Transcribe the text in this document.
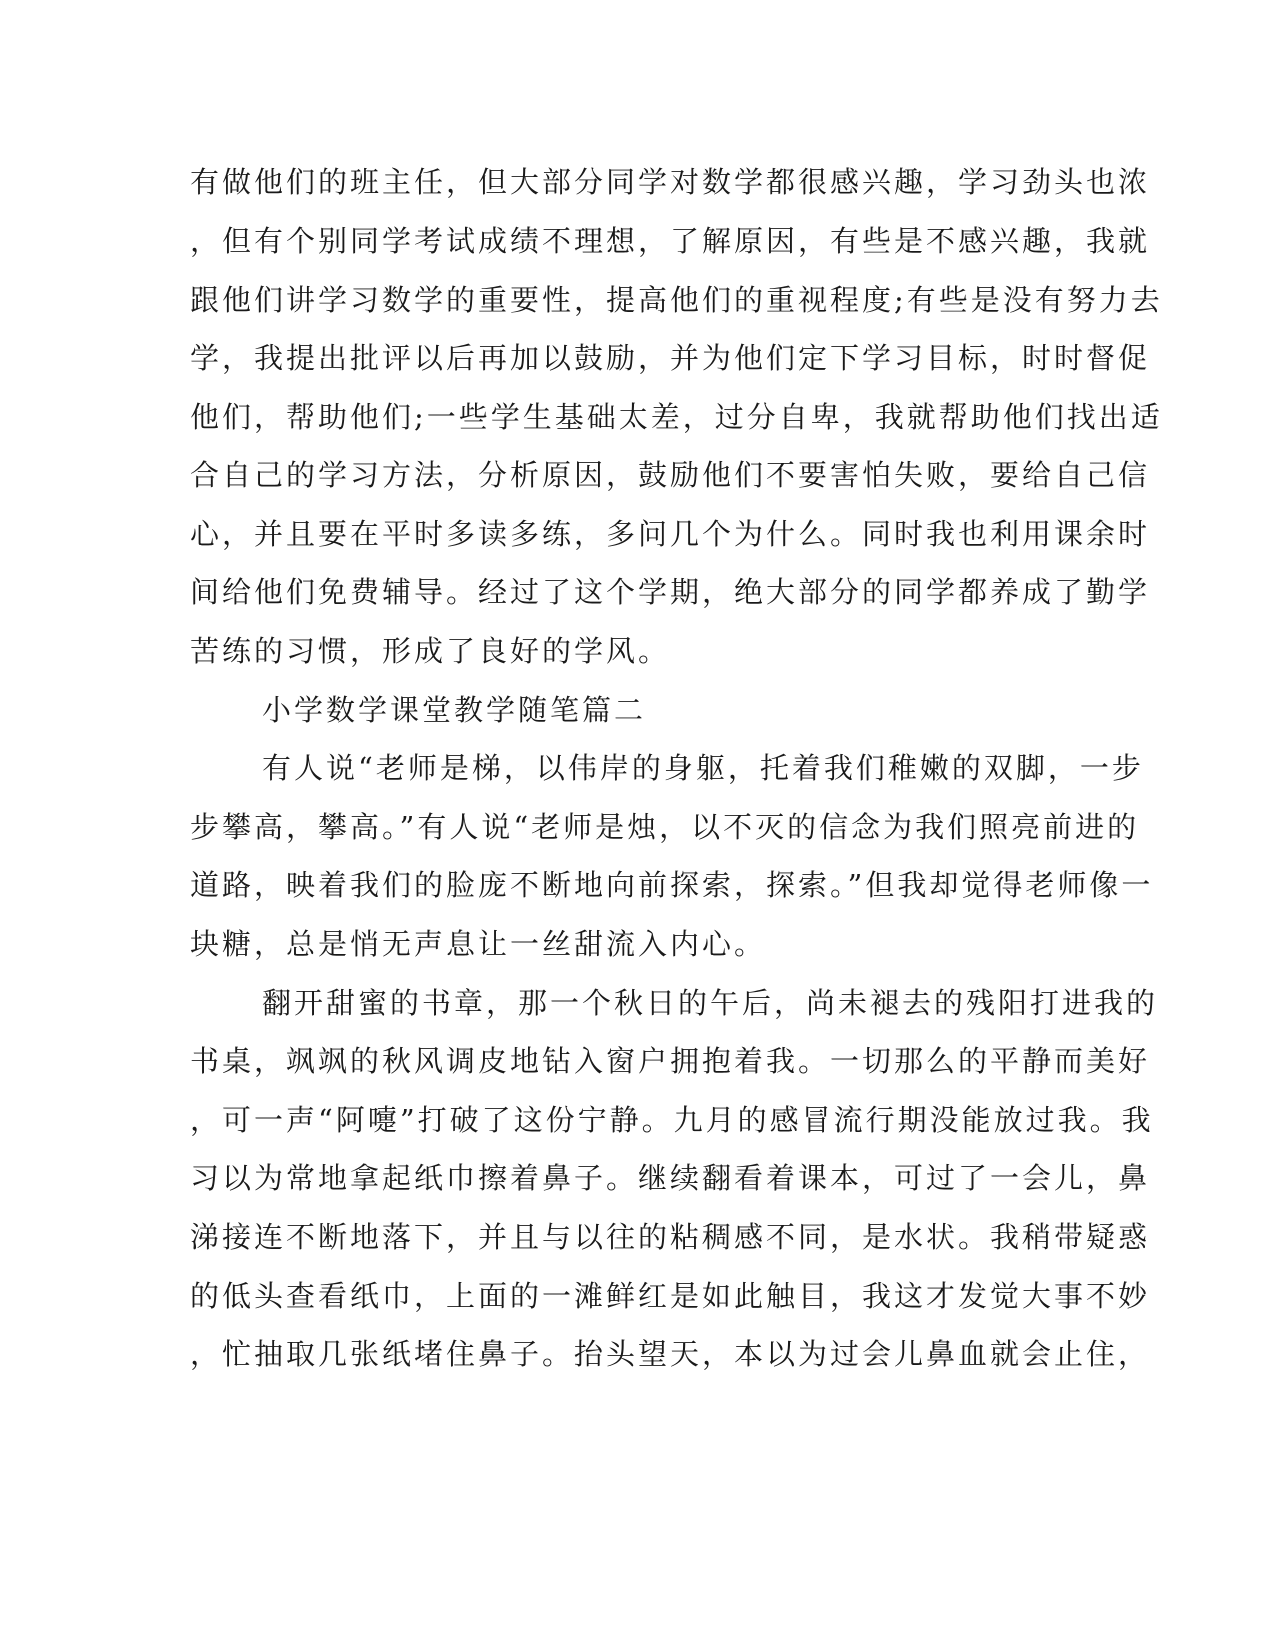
有做他们的班主任，但大部分同学对数学都很感兴趣，学习劲头也浓
，但有个别同学考试成绩不理想，了解原因，有些是不感兴趣，我就
跟他们讲学习数学的重要性，提高他们的重视程度;有些是没有努力去
学，我提出批评以后再加以鼓励，并为他们定下学习目标，时时督促
他们，帮助他们;一些学生基础太差，过分自卑，我就帮助他们找出适
合自己的学习方法，分析原因，鼓励他们不要害怕失败，要给自己信
心，并且要在平时多读多练，多问几个为什么。同时我也利用课余时
间给他们免费辅导。经过了这个学期，绝大部分的同学都养成了勤学
苦练的习惯，形成了良好的学风。
小学数学课堂教学随笔篇二
有人说“老师是梯，以伟岸的身躯，托着我们稚嫩的双脚，一步
步攀高，攀高。”有人说“老师是烛，以不灭的信念为我们照亮前进的
道路，映着我们的脸庞不断地向前探索，探索。”但我却觉得老师像一
块糖，总是悄无声息让一丝甜流入内心。
翻开甜蜜的书章，那一个秋日的午后，尚未褪去的残阳打进我的
书桌，飒飒的秋风调皮地钻入窗户拥抱着我。一切那么的平静而美好
，可一声“阿嚏”打破了这份宁静。九月的感冒流行期没能放过我。我
习以为常地拿起纸巾擦着鼻子。继续翻看着课本，可过了一会儿，鼻
涕接连不断地落下，并且与以往的粘稠感不同，是水状。我稍带疑惑
的低头查看纸巾，上面的一滩鲜红是如此触目，我这才发觉大事不妙
，忙抽取几张纸堵住鼻子。抬头望天，本以为过会儿鼻血就会止住，
